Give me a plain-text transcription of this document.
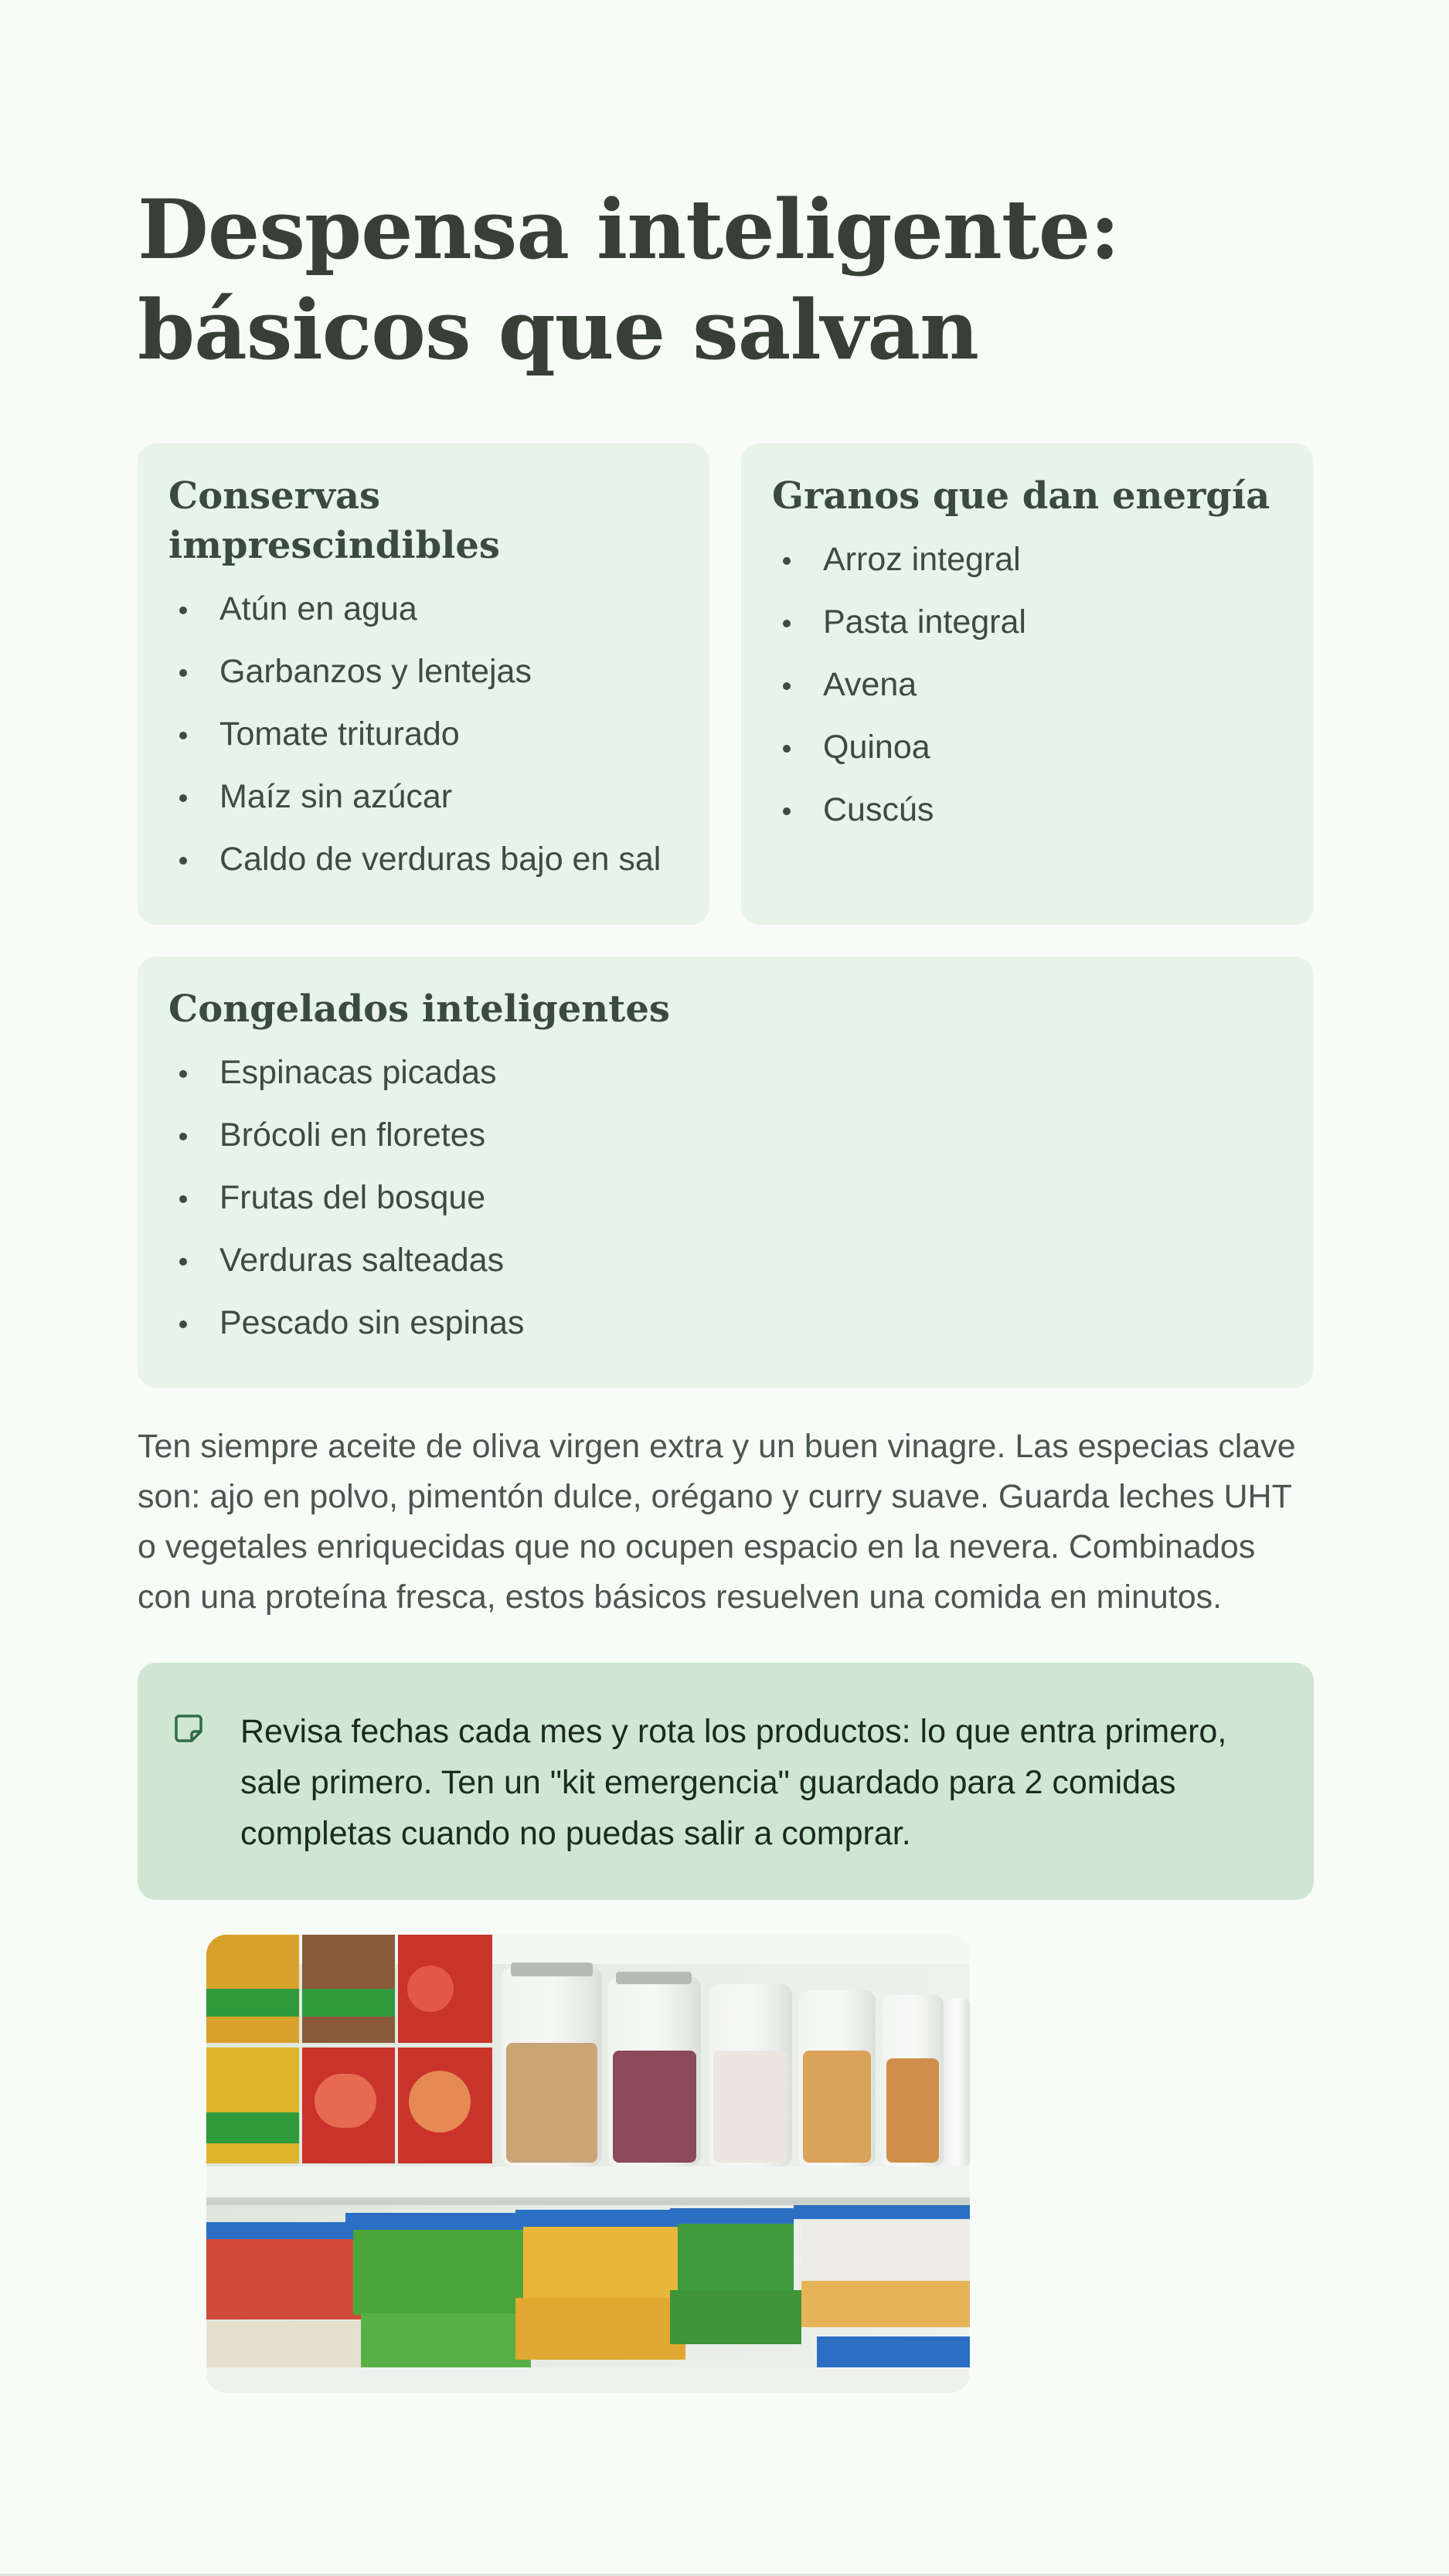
Despensa inteligente:
básicos que salvan
Conservas imprescindibles
Atún en agua
Garbanzos y lentejas
Tomate triturado
Maíz sin azúcar
Caldo de verduras bajo en sal
Granos que dan energía
Arroz integral
Pasta integral
Avena
Quinoa
Cuscús
Congelados inteligentes
Espinacas picadas
Brócoli en floretes
Frutas del bosque
Verduras salteadas
Pescado sin espinas

Ten siempre aceite de oliva virgen extra y un buen vinagre. Las especias clave son: ajo en polvo, pimentón dulce, orégano y curry suave. Guarda leches UHT o vegetales enriquecidas que no ocupen espacio en la nevera. Combinados con una proteína fresca, estos básicos resuelven una comida en minutos.

Revisa fechas cada mes y rota los productos: lo que entra primero, sale primero. Ten un "kit emergencia" guardado para 2 comidas completas cuando no puedas salir a comprar.
